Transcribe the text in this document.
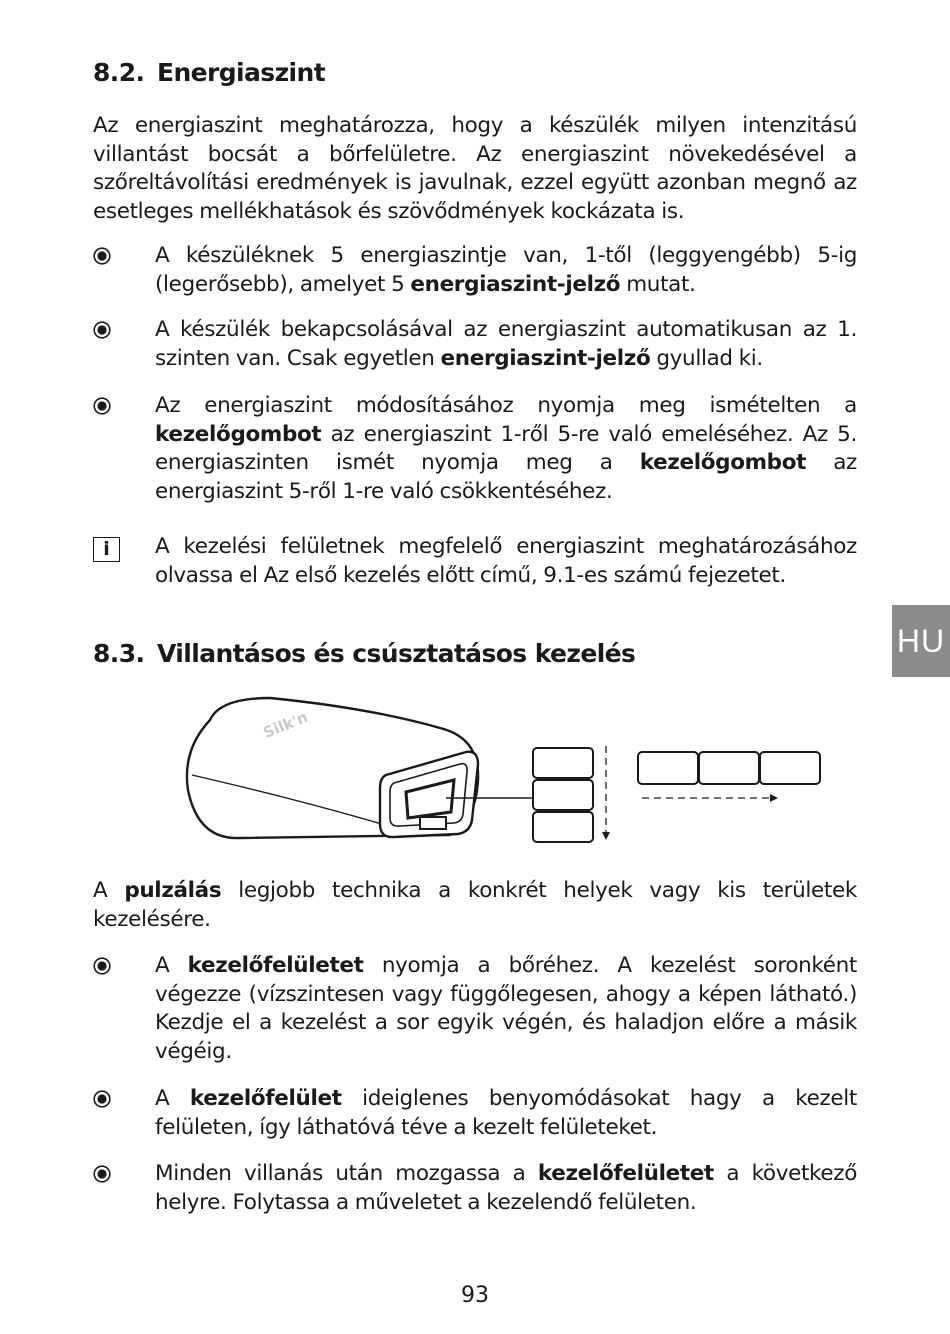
8.2. Energiaszint

Az energiaszint meghatározza, hogy a készülék milyen intenzitású villantást bocsát a bőrfelületre. Az energiaszint növekedésével a szőreltávolítási eredmények is javulnak, ezzel együtt azonban megnő az esetleges mellékhatások és szövődmények kockázata is.

A készüléknek 5 energiaszintje van, 1-től (leggyengébb) 5-ig (legerősebb), amelyet 5 energiaszint-jelző mutat.

A készülék bekapcsolásával az energiaszint automatikusan az 1. szinten van. Csak egyetlen energiaszint-jelző gyullad ki.

Az energiaszint módosításához nyomja meg ismételten a kezelőgombot az energiaszint 1-ről 5-re való emeléséhez. Az 5. energiaszinten ismét nyomja meg a kezelőgombot az energiaszint 5-ről 1-re való csökkentéséhez.

i	A kezelési felületnek megfelelő energiaszint meghatározásához olvassa el Az első kezelés előtt című, 9.1-es számú fejezetet.

HU
8.3. Villantásos és csúsztatásos kezelés
Silk'n

A pulzálás legjobb technika a konkrét helyek vagy kis területek kezelésére.

A kezelőfelületet nyomja a bőréhez. A kezelést soronként végezze (vízszintesen vagy függőlegesen, ahogy a képen látható.) Kezdje el a kezelést a sor egyik végén, és haladjon előre a másik végéig.

A kezelőfelület ideiglenes benyomódásokat hagy a kezelt felületen, így láthatóvá téve a kezelt felületeket.

Minden villanás után mozgassa a kezelőfelületet a következő helyre. Folytassa a műveletet a kezelendő felületen.

93
